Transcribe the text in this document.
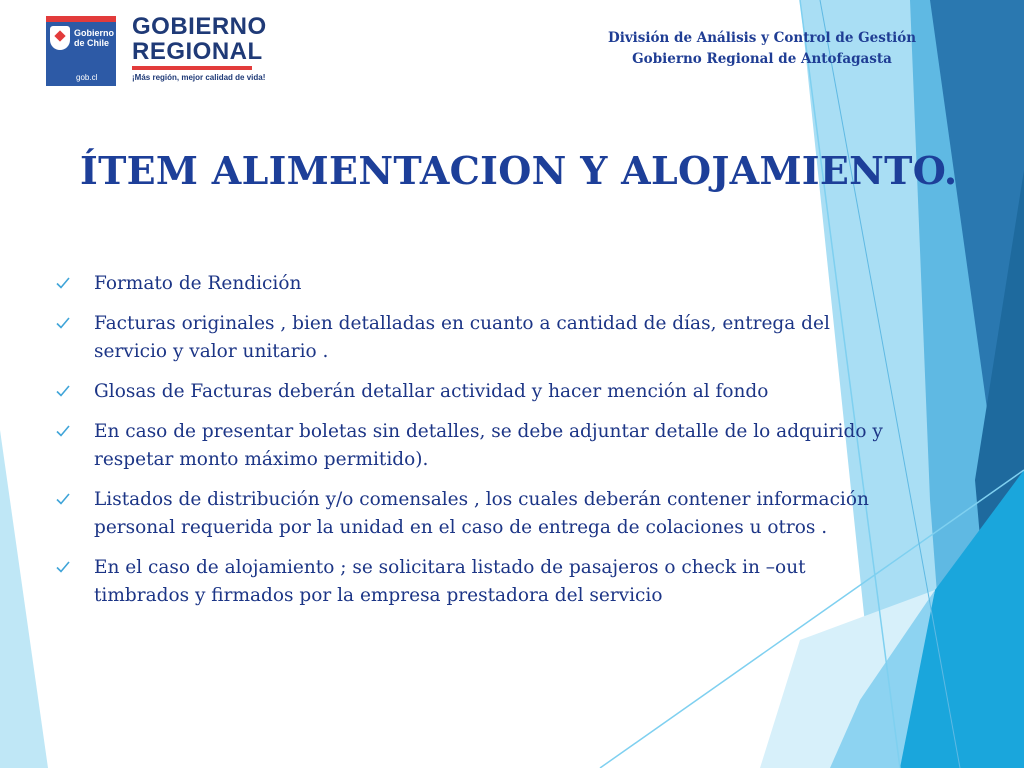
Gobierno de Chile
gob.cl
GOBIERNO
REGIONAL
¡Más región, mejor calidad de vida!
División de Análisis y Control de Gestión
Gobierno Regional de Antofagasta
ÍTEM ALIMENTACION Y ALOJAMIENTO.
Formato de Rendición
Facturas originales , bien detalladas en cuanto a cantidad de días, entrega del servicio y valor unitario .
Glosas de Facturas deberán detallar actividad y hacer mención al fondo
En caso de presentar boletas sin detalles, se debe adjuntar detalle de lo adquirido y respetar monto máximo permitido).
Listados de distribución y/o comensales , los cuales deberán contener información personal requerida por la unidad en el caso de entrega de colaciones u otros .
En el caso de alojamiento ; se solicitara listado de pasajeros o check in –out timbrados y firmados por la empresa prestadora del servicio
